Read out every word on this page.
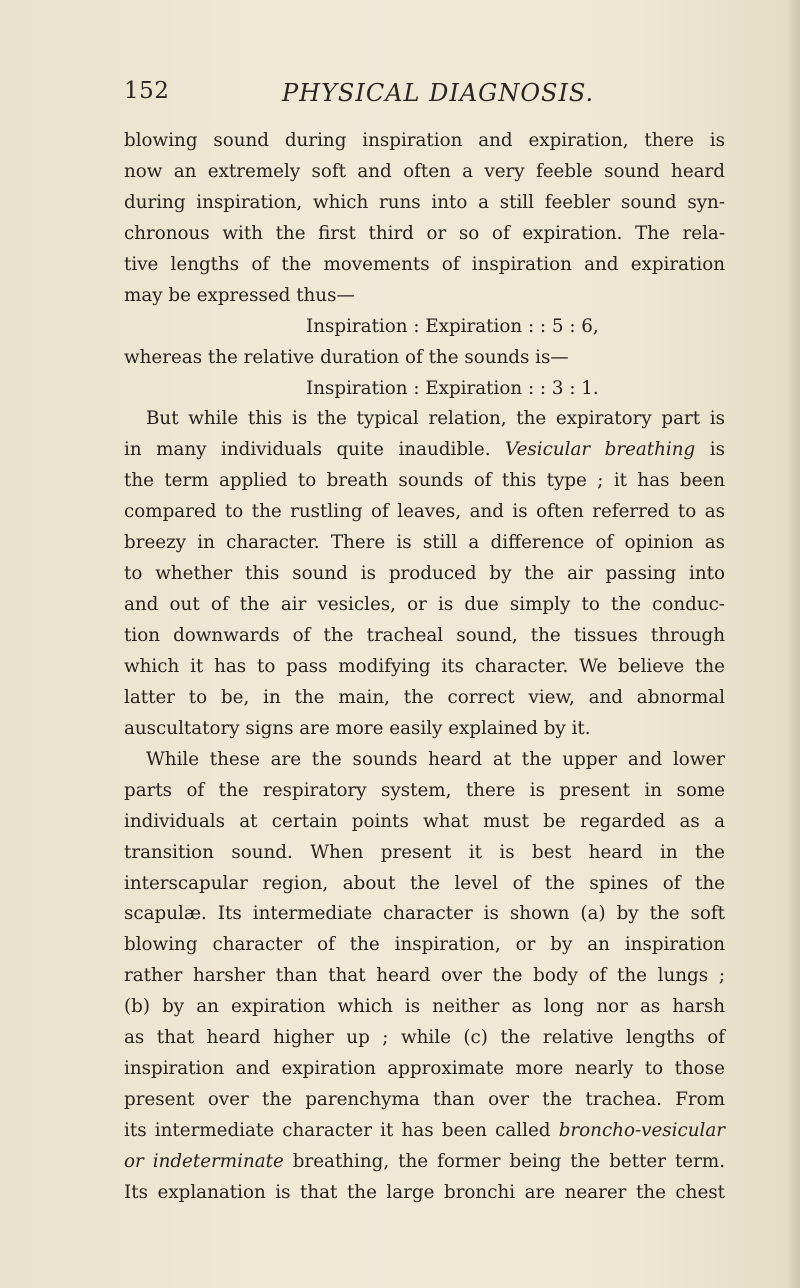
152	PHYSICAL DIAGNOSIS.
blowing sound during inspiration and expiration, there is
now an extremely soft and often a very feeble sound heard
during inspiration, which runs into a still feebler sound syn-
chronous with the first third or so of expiration. The rela-
tive lengths of the movements of inspiration and expiration
may be expressed thus—
Inspiration : Expiration : : 5 : 6,
whereas the relative duration of the sounds is—
Inspiration : Expiration : : 3 : 1.
But while this is the typical relation, the expiratory part is
in many individuals quite inaudible. Vesicular breathing is
the term applied to breath sounds of this type ; it has been
compared to the rustling of leaves, and is often referred to as
breezy in character. There is still a difference of opinion as
to whether this sound is produced by the air passing into
and out of the air vesicles, or is due simply to the conduc-
tion downwards of the tracheal sound, the tissues through
which it has to pass modifying its character. We believe the
latter to be, in the main, the correct view, and abnormal
auscultatory signs are more easily explained by it.
While these are the sounds heard at the upper and lower
parts of the respiratory system, there is present in some
individuals at certain points what must be regarded as a
transition sound. When present it is best heard in the
interscapular region, about the level of the spines of the
scapulæ. Its intermediate character is shown (a) by the soft
blowing character of the inspiration, or by an inspiration
rather harsher than that heard over the body of the lungs ;
(b) by an expiration which is neither as long nor as harsh
as that heard higher up ; while (c) the relative lengths of
inspiration and expiration approximate more nearly to those
present over the parenchyma than over the trachea. From
its intermediate character it has been called broncho-vesicular
or indeterminate breathing, the former being the better term.
Its explanation is that the large bronchi are nearer the chest
